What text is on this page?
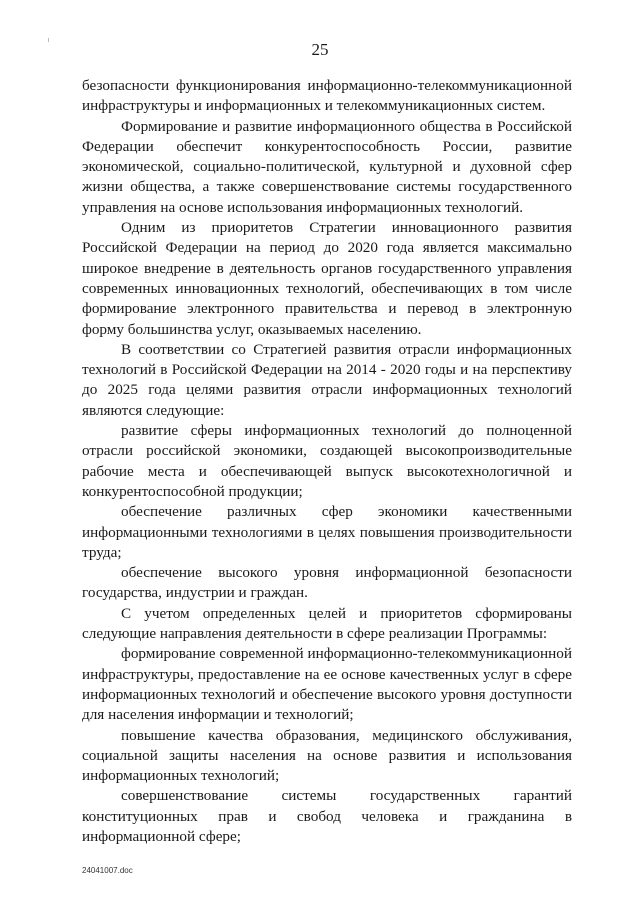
25

безопасности функционирования информационно-телекоммуникационной инфраструктуры и информационных и телекоммуникационных систем.

Формирование и развитие информационного общества в Российской Федерации обеспечит конкурентоспособность России, развитие экономической, социально-политической, культурной и духовной сфер жизни общества, а также совершенствование системы государственного управления на основе использования информационных технологий.

Одним из приоритетов Стратегии инновационного развития Российской Федерации на период до 2020 года является максимально широкое внедрение в деятельность органов государственного управления современных инновационных технологий, обеспечивающих в том числе формирование электронного правительства и перевод в электронную форму большинства услуг, оказываемых населению.

В соответствии со Стратегией развития отрасли информационных технологий в Российской Федерации на 2014 - 2020 годы и на перспективу до 2025 года целями развития отрасли информационных технологий являются следующие:

развитие сферы информационных технологий до полноценной отрасли российской экономики, создающей высокопроизводительные рабочие места и обеспечивающей выпуск высокотехнологичной и конкурентоспособной продукции;

обеспечение различных сфер экономики качественными информационными технологиями в целях повышения производительности труда;

обеспечение высокого уровня информационной безопасности государства, индустрии и граждан.

С учетом определенных целей и приоритетов сформированы следующие направления деятельности в сфере реализации Программы:

формирование современной информационно-телекоммуникационной инфраструктуры, предоставление на ее основе качественных услуг в сфере информационных технологий и обеспечение высокого уровня доступности для населения информации и технологий;

повышение качества образования, медицинского обслуживания, социальной защиты населения на основе развития и использования информационных технологий;

совершенствование системы государственных гарантий конституционных прав и свобод человека и гражданина в информационной сфере;

24041007.doc
